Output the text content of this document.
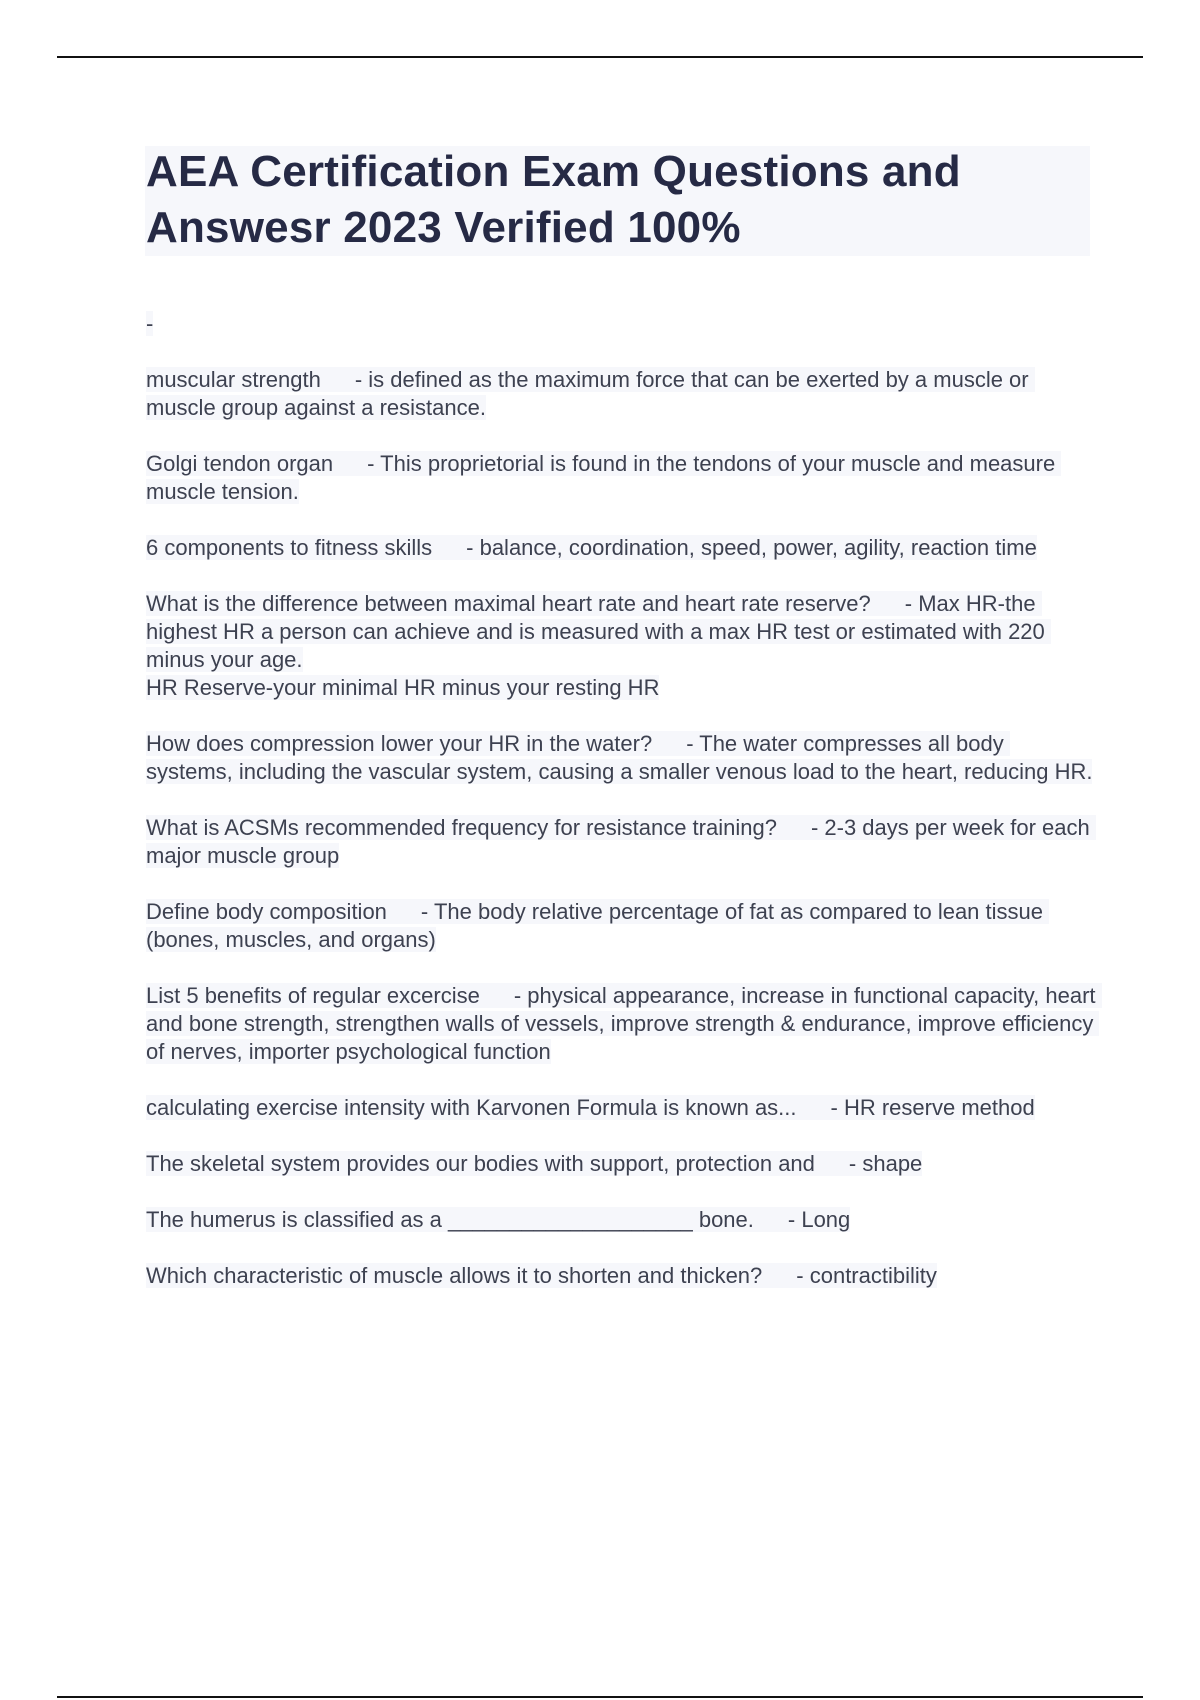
AEA Certification Exam Questions and Answesr 2023 Verified 100%
-

muscular strength - is defined as the maximum force that can be exerted by a muscle or muscle group against a resistance.

Golgi tendon organ - This proprietorial is found in the tendons of your muscle and measure muscle tension.

6 components to fitness skills - balance, coordination, speed, power, agility, reaction time

What is the difference between maximal heart rate and heart rate reserve? - Max HR-the highest HR a person can achieve and is measured with a max HR test or estimated with 220 minus your age.
HR Reserve-your minimal HR minus your resting HR

How does compression lower your HR in the water? - The water compresses all body systems, including the vascular system, causing a smaller venous load to the heart, reducing HR.

What is ACSMs recommended frequency for resistance training? - 2-3 days per week for each major muscle group

Define body composition - The body relative percentage of fat as compared to lean tissue (bones, muscles, and organs)

List 5 benefits of regular excercise - physical appearance, increase in functional capacity, heart and bone strength, strengthen walls of vessels, improve strength & endurance, improve efficiency of nerves, importer psychological function

calculating exercise intensity with Karvonen Formula is known as... - HR reserve method

The skeletal system provides our bodies with support, protection and - shape

The humerus is classified as a ____________________ bone. - Long

Which characteristic of muscle allows it to shorten and thicken? - contractibility
